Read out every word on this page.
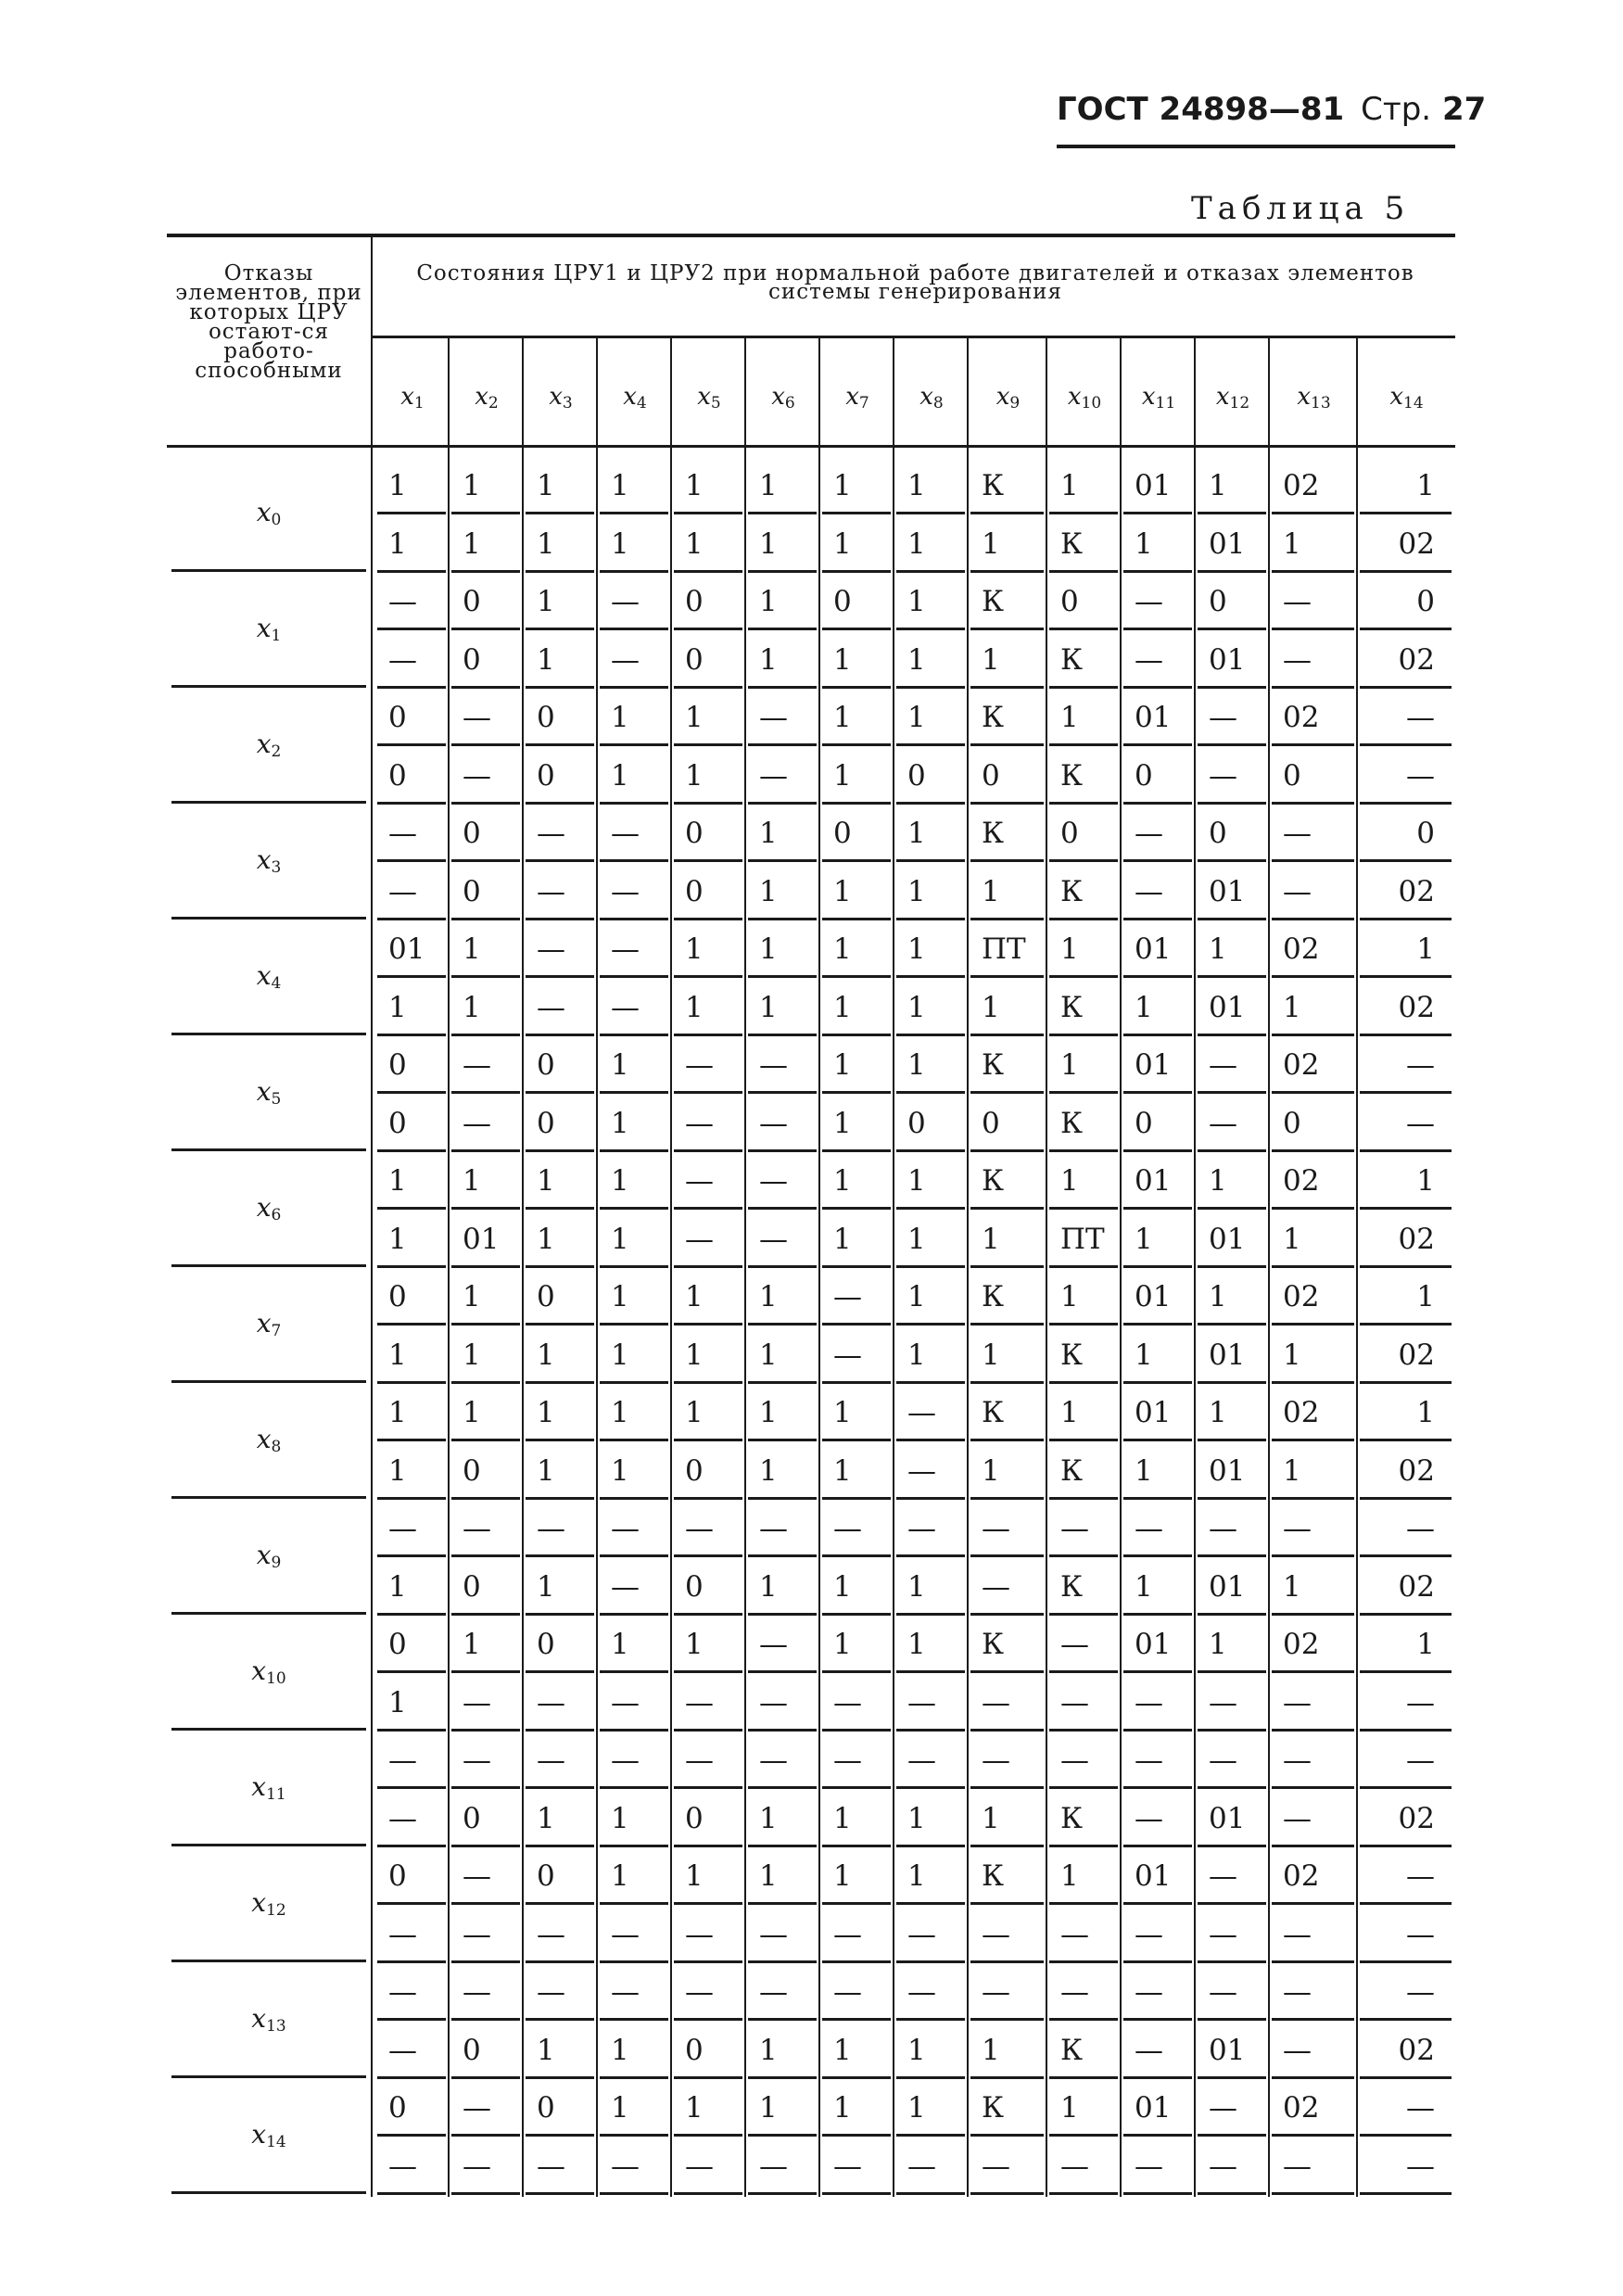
ГОСТ 24898—81 Стр. 27
Таблица 5
Отказы элементов, при которых ЦРУ остают-ся работо-способными
Состояния ЦРУ1 и ЦРУ2 при нормальной работе двигателей и отказах элементов системы генерирования
$x_1$	$x_2$	$x_3$	$x_4$	$x_5$	$x_6$	$x_7$	$x_8$	$x_9$	$x_{10}$	$x_{11}$	$x_{12}$	$x_{13}$	$x_{14}$
$x_0$
1	1	1	1	1	1	1	1	К	1	01	1	02	1
1	1	1	1	1	1	1	1	1	К	1	01	1	02
$x_1$
—	0	1	—	0	1	0	1	К	0	—	0	—	0
—	0	1	—	0	1	1	1	1	К	—	01	—	02
$x_2$
0	—	0	1	1	—	1	1	К	1	01	—	02	—
0	—	0	1	1	—	1	0	0	К	0	—	0	—
$x_3$
—	0	—	—	0	1	0	1	К	0	—	0	—	0
—	0	—	—	0	1	1	1	1	К	—	01	—	02
$x_4$
01	1	—	—	1	1	1	1	ПТ	1	01	1	02	1
1	1	—	—	1	1	1	1	1	К	1	01	1	02
$x_5$
0	—	0	1	—	—	1	1	К	1	01	—	02	—
0	—	0	1	—	—	1	0	0	К	0	—	0	—
$x_6$
1	1	1	1	—	—	1	1	К	1	01	1	02	1
1	01	1	1	—	—	1	1	1	ПТ	1	01	1	02
$x_7$
0	1	0	1	1	1	—	1	К	1	01	1	02	1
1	1	1	1	1	1	—	1	1	К	1	01	1	02
$x_8$
1	1	1	1	1	1	1	—	К	1	01	1	02	1
1	0	1	1	0	1	1	—	1	К	1	01	1	02
$x_9$
—	—	—	—	—	—	—	—	—	—	—	—	—	—
1	0	1	—	0	1	1	1	—	К	1	01	1	02
$x_{10}$
0	1	0	1	1	—	1	1	К	—	01	1	02	1
1	—	—	—	—	—	—	—	—	—	—	—	—	—
$x_{11}$
—	—	—	—	—	—	—	—	—	—	—	—	—	—
—	0	1	1	0	1	1	1	1	К	—	01	—	02
$x_{12}$
0	—	0	1	1	1	1	1	К	1	01	—	02	—
—	—	—	—	—	—	—	—	—	—	—	—	—	—
$x_{13}$
—	—	—	—	—	—	—	—	—	—	—	—	—	—
—	0	1	1	0	1	1	1	1	К	—	01	—	02
$x_{14}$
0	—	0	1	1	1	1	1	К	1	01	—	02	—
—	—	—	—	—	—	—	—	—	—	—	—	—	—
